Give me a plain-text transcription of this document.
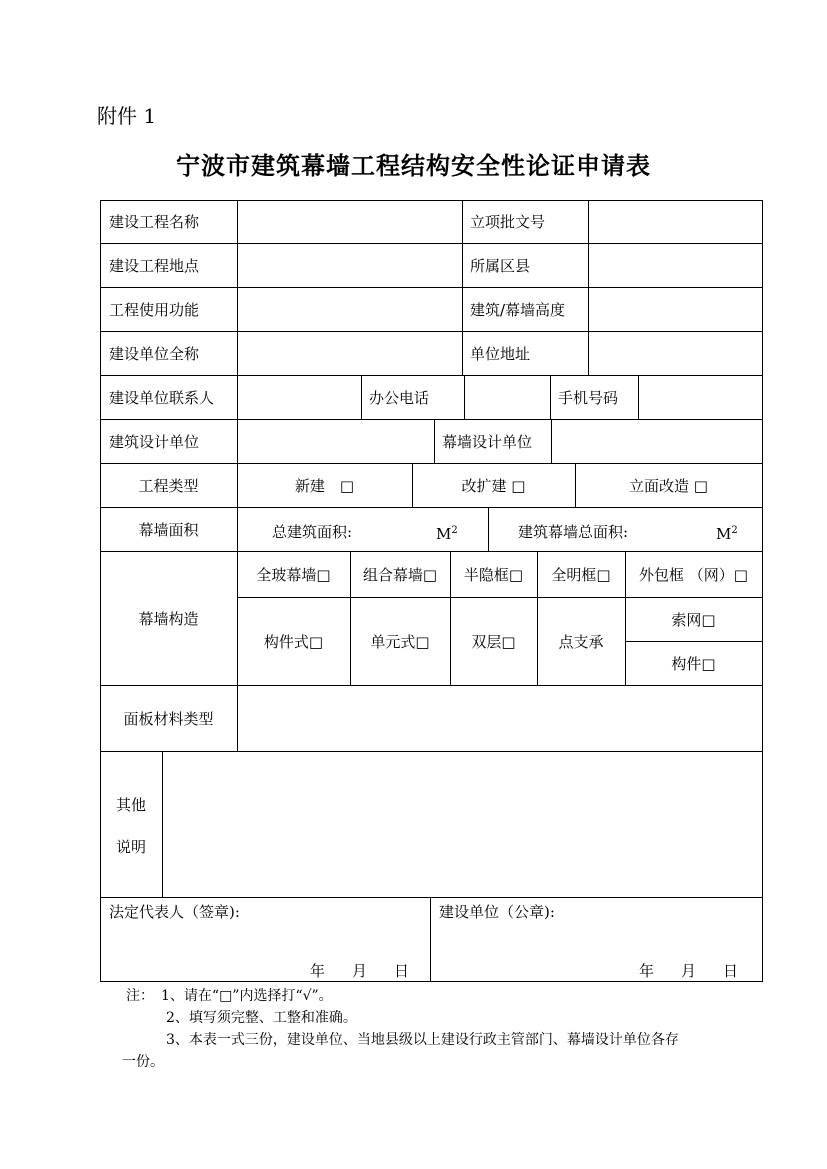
附件 1
宁波市建筑幕墙工程结构安全性论证申请表
建设工程名称	立项批文号
建设工程地点	所属区县
工程使用功能	建筑/幕墙高度
建设单位全称	单位地址
建设单位联系人	办公电话	手机号码
建筑设计单位	幕墙设计单位
工程类型	新建　□	改扩建 □	立面改造 □
幕墙面积	总建筑面积:	$M^2$	建筑幕墙总面积:	$M^2$
幕墙构造
全玻幕墙□	组合幕墙□	半隐框□	全明框□	外包框 （网）□
构件式□	单元式□	双层□	点支承
索网□
构件□
面板材料类型
其他
说明
法定代表人（签章):	建设单位（公章):
年 月 日	年 月 日
注：　1、请在“□”内选择打“√”。
2、填写须完整、工整和准确。
3、本表一式三份，建设单位、当地县级以上建设行政主管部门、幕墙设计单位各存
一份。
